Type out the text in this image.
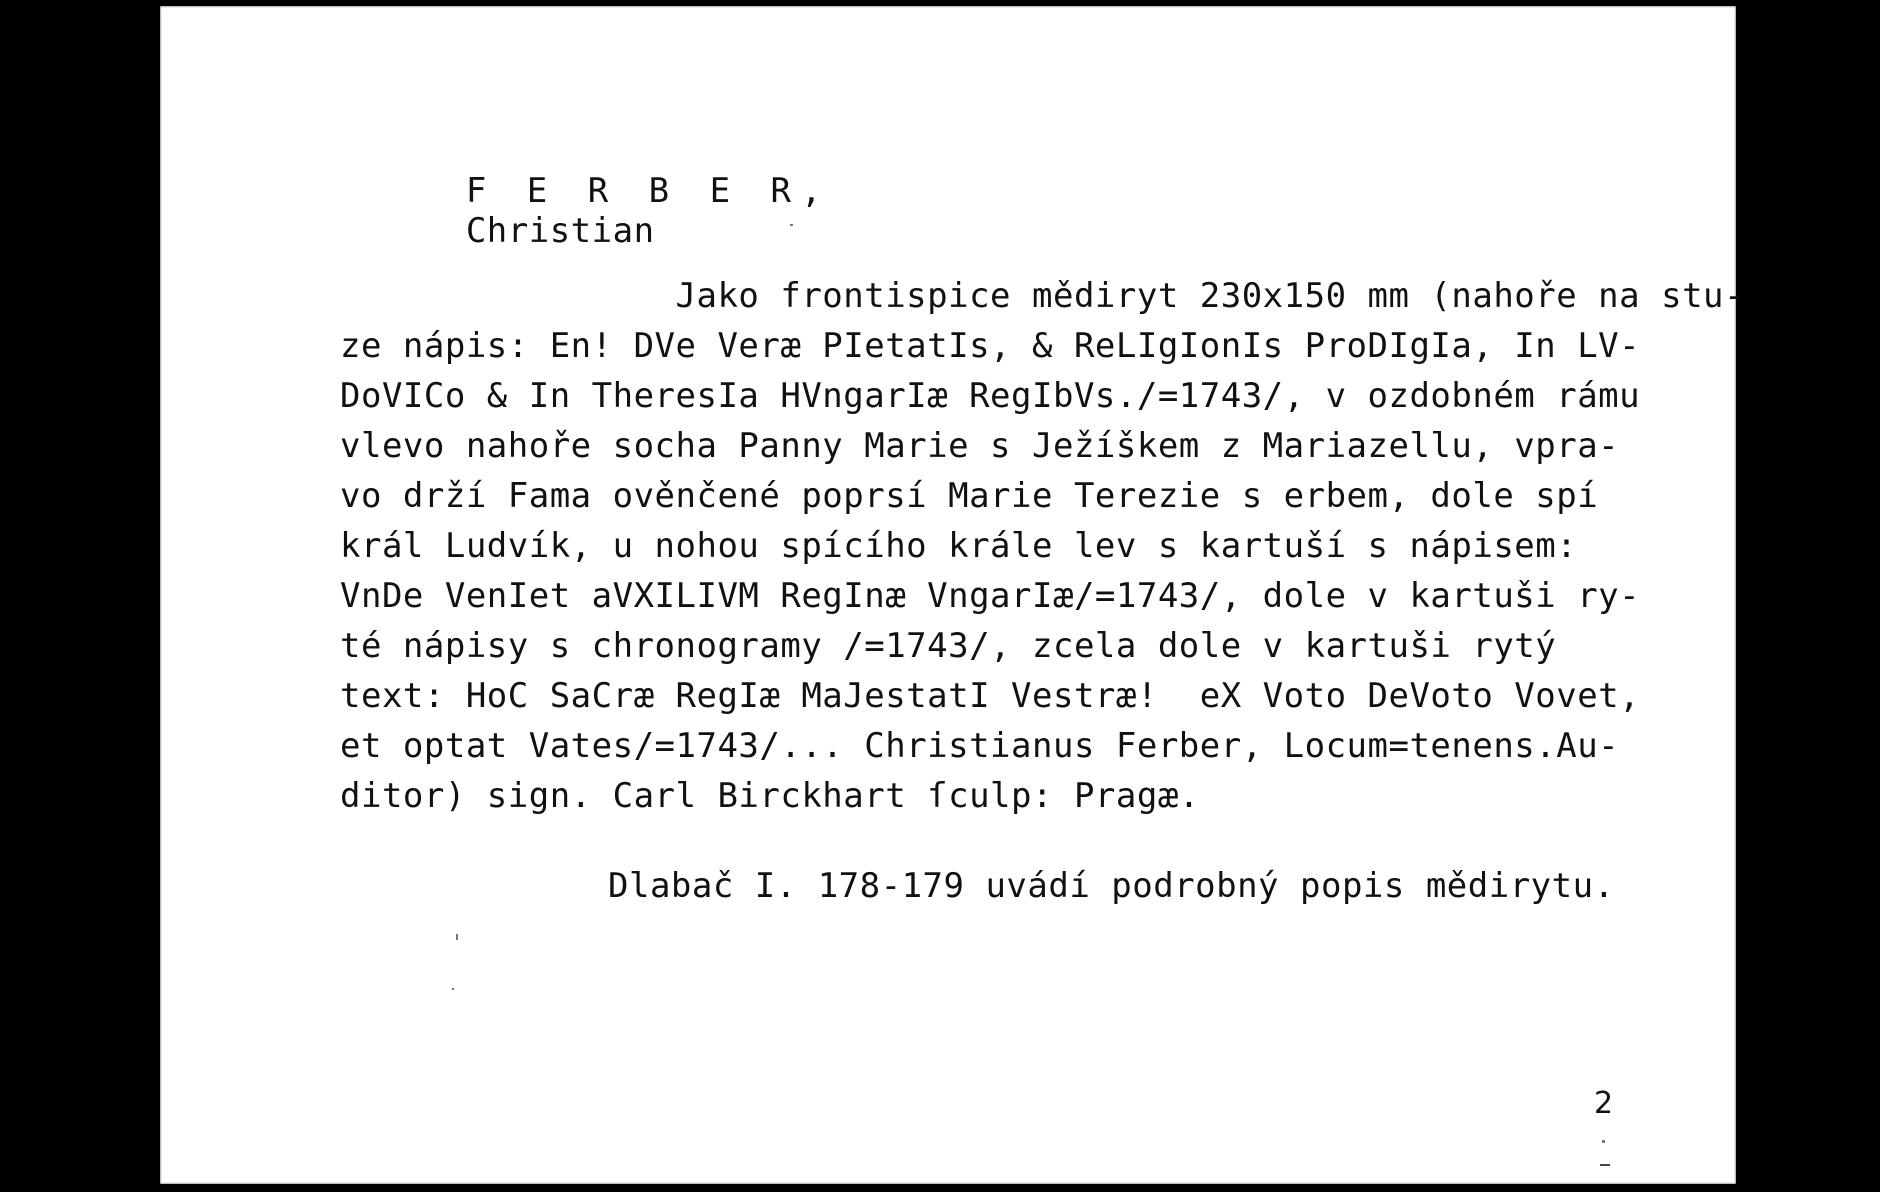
F E R B E R,
Christian

Jako frontispice mědiryt 230x150 mm (nahoře na stu-
ze nápis: En! DVe Veræ PIetatIs, & ReLIgIonIs ProDIgIa, In LV-
DoVICo & In TheresIa HVngarIæ RegIbVs./=1743/, v ozdobném rámu
vlevo nahoře socha Panny Marie s Ježíškem z Mariazellu, vpra-
vo drží Fama ověnčené poprsí Marie Terezie s erbem, dole spí
král Ludvík, u nohou spícího krále lev s kartuší s nápisem:
VnDe VenIet aVXILIVM RegInæ VngarIæ/=1743/, dole v kartuši ry-
té nápisy s chronogramy /=1743/, zcela dole v kartuši rytý
text: HoC SaCræ RegIæ MaJestatI Vestræ!  eX Voto DeVoto Vovet,
et optat Vates/=1743/... Christianus Ferber, Locum=tenens.Au-
ditor) sign. Carl Birckhart ſculp: Pragæ.
Dlabač I. 178-179 uvádí podrobný popis mědirytu.
2
